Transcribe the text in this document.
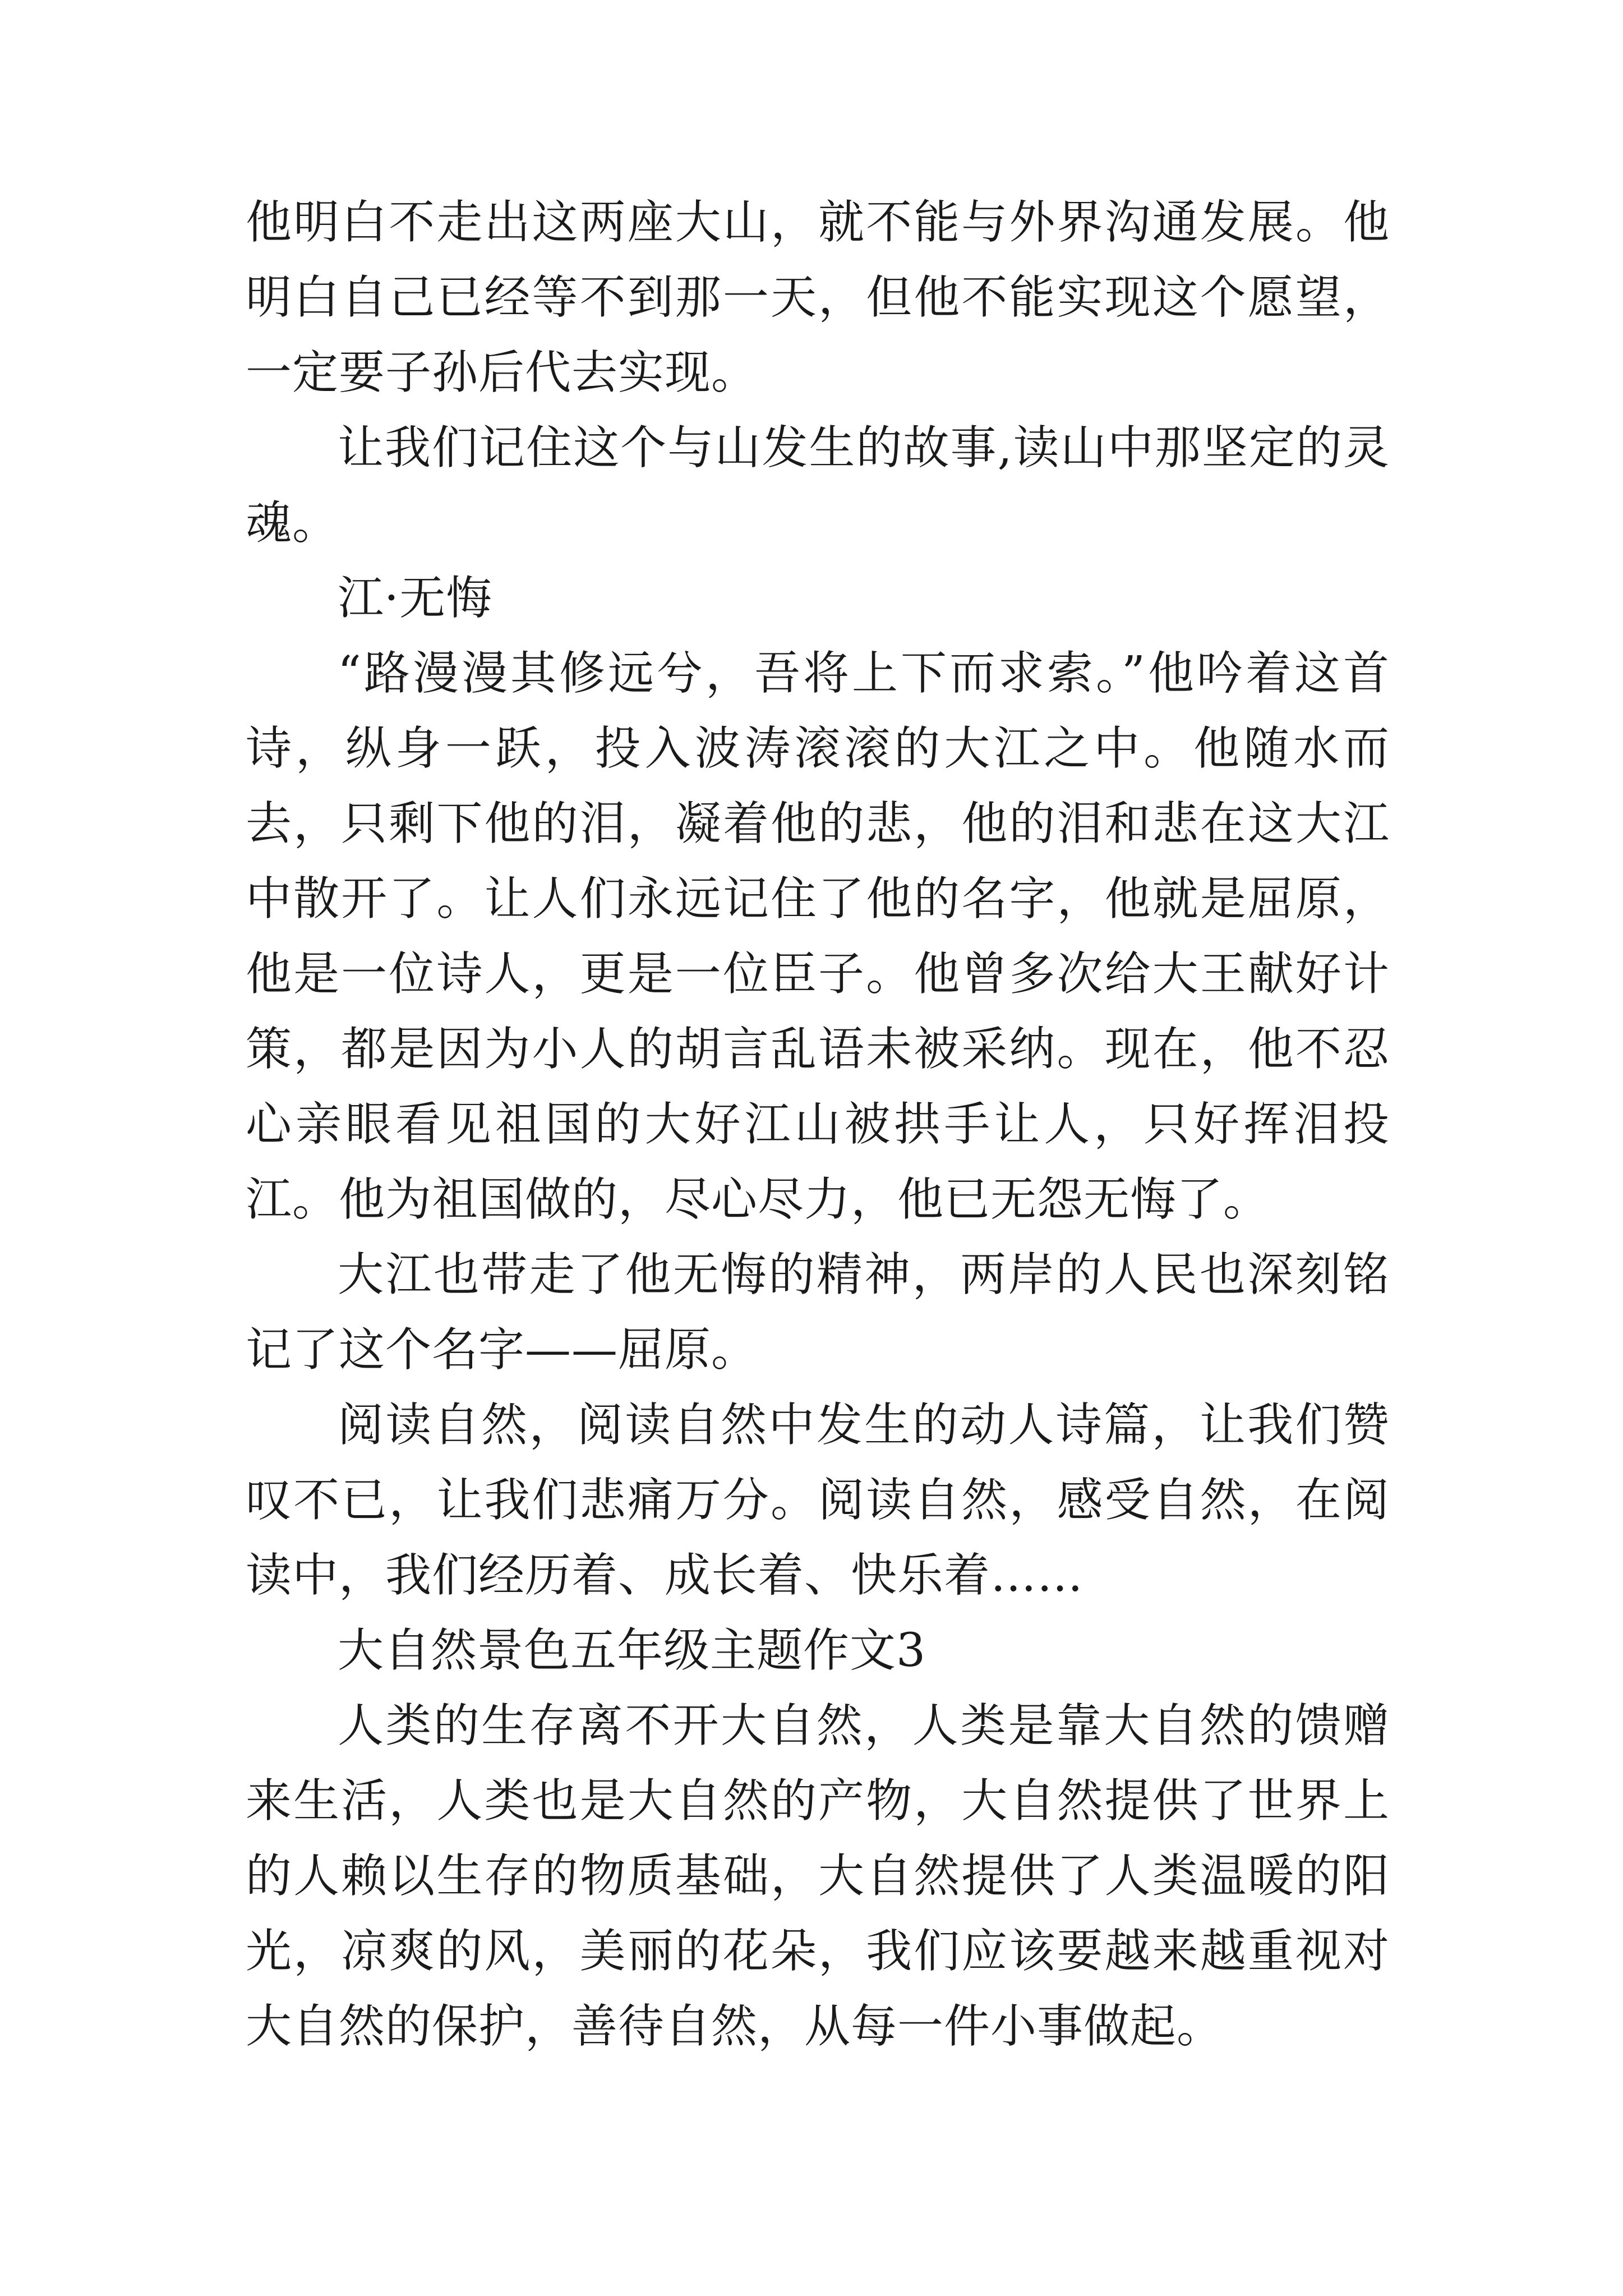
他明白不走出这两座大山，就不能与外界沟通发展。他明白自己已经等不到那一天，但他不能实现这个愿望，一定要子孙后代去实现。

让我们记住这个与山发生的故事,读山中那坚定的灵魂。

江·无悔

“路漫漫其修远兮，吾将上下而求索。”他吟着这首诗，纵身一跃，投入波涛滚滚的大江之中。他随水而去，只剩下他的泪，凝着他的悲，他的泪和悲在这大江中散开了。让人们永远记住了他的名字，他就是屈原，他是一位诗人，更是一位臣子。他曾多次给大王献好计策，都是因为小人的胡言乱语未被采纳。现在，他不忍心亲眼看见祖国的大好江山被拱手让人，只好挥泪投江。他为祖国做的，尽心尽力，他已无怨无悔了。

大江也带走了他无悔的精神，两岸的人民也深刻铭记了这个名字——屈原。

阅读自然，阅读自然中发生的动人诗篇，让我们赞叹不已，让我们悲痛万分。阅读自然，感受自然，在阅读中，我们经历着、成长着、快乐着……

大自然景色五年级主题作文3

人类的生存离不开大自然，人类是靠大自然的馈赠来生活，人类也是大自然的产物，大自然提供了世界上的人赖以生存的物质基础，大自然提供了人类温暖的阳光，凉爽的风，美丽的花朵，我们应该要越来越重视对大自然的保护，善待自然，从每一件小事做起。
